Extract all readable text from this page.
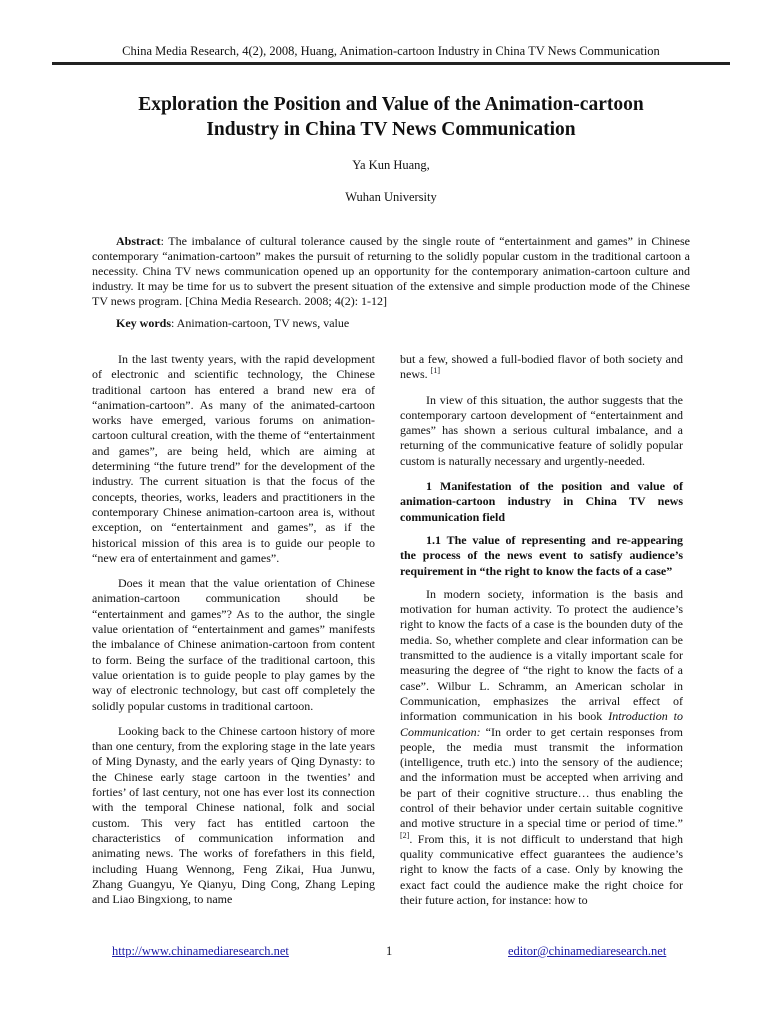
China Media Research, 4(2), 2008, Huang, Animation-cartoon Industry in China TV News Communication
Exploration the Position and Value of the Animation-cartoon
Industry in China TV News Communication
Ya Kun Huang,
Wuhan University

Abstract: The imbalance of cultural tolerance caused by the single route of “entertainment and games” in Chinese contemporary “animation-cartoon” makes the pursuit of returning to the solidly popular custom in the traditional cartoon a necessity. China TV news communication opened up an opportunity for the contemporary animation-cartoon culture and industry. It may be time for us to subvert the present situation of the extensive and simple production mode of the Chinese TV news program. [China Media Research. 2008; 4(2): 1-12]

Key words: Animation-cartoon, TV news, value

In the last twenty years, with the rapid development of electronic and scientific technology, the Chinese traditional cartoon has entered a brand new era of “animation-cartoon”. As many of the animated-cartoon works have emerged, various forums on animation-cartoon cultural creation, with the theme of “entertainment and games”, are being held, which are aiming at determining “the future trend” for the development of the industry. The current situation is that the focus of the concepts, theories, works, leaders and practitioners in the contemporary Chinese animation-cartoon area is, without exception, on “entertainment and games”, as if the historical mission of this area is to guide our people to “new era of entertainment and games”.

Does it mean that the value orientation of Chinese animation-cartoon communication should be “entertainment and games”? As to the author, the single value orientation of “entertainment and games” manifests the imbalance of Chinese animation-cartoon from content to form. Being the surface of the traditional cartoon, this value orientation is to guide people to play games by the way of electronic technology, but cast off completely the solidly popular customs in traditional cartoon.

Looking back to the Chinese cartoon history of more than one century, from the exploring stage in the late years of Ming Dynasty, and the early years of Qing Dynasty: to the Chinese early stage cartoon in the twenties’ and forties’ of last century, not one has ever lost its connection with the temporal Chinese national, folk and social custom. This very fact has entitled cartoon the characteristics of communication information and animating news. The works of forefathers in this field, including Huang Wennong, Feng Zikai, Hua Junwu, Zhang Guangyu, Ye Qianyu, Ding Cong, Zhang Leping and Liao Bingxiong, to name

but a few, showed a full-bodied flavor of both society and news. [1]

In view of this situation, the author suggests that the contemporary cartoon development of “entertainment and games” has shown a serious cultural imbalance, and a returning of the communicative feature of solidly popular custom is naturally necessary and urgently-needed.

1 Manifestation of the position and value of animation-cartoon industry in China TV news communication field
1.1 The value of representing and re-appearing the process of the news event to satisfy audience’s requirement in “the right to know the facts of a case”

In modern society, information is the basis and motivation for human activity. To protect the audience’s right to know the facts of a case is the bounden duty of the media. So, whether complete and clear information can be transmitted to the audience is a vitally important scale for measuring the degree of “the right to know the facts of a case”. Wilbur L. Schramm, an American scholar in Communication, emphasizes the arrival effect of information communication in his book Introduction to Communication: “In order to get certain responses from people, the media must transmit the information (intelligence, truth etc.) into the sensory of the audience; and the information must be accepted when arriving and be part of their cognitive structure… thus enabling the control of their behavior under certain suitable cognitive and motive structure in a special time or period of time.” [2]. From this, it is not difficult to understand that high quality communicative effect guarantees the audience’s right to know the facts of a case. Only by knowing the exact fact could the audience make the right choice for their future action, for instance: how to

http://www.chinamediaresearch.net	1	editor@chinamediaresearch.net
